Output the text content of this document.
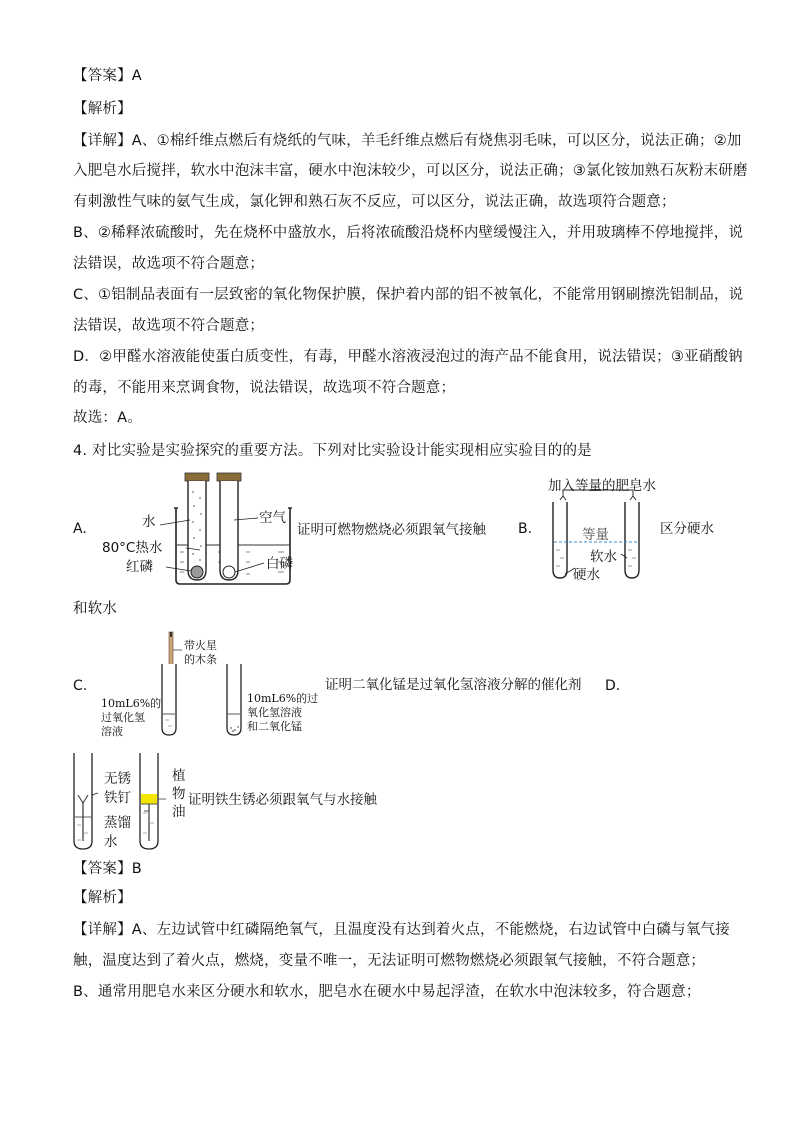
【答案】A
【解析】
【详解】A、①棉纤维点燃后有烧纸的气味，羊毛纤维点燃后有烧焦羽毛味，可以区分，说法正确；②加
入肥皂水后搅拌，软水中泡沫丰富，硬水中泡沫较少，可以区分，说法正确；③氯化铵加熟石灰粉末研磨
有刺激性气味的氨气生成，氯化钾和熟石灰不反应，可以区分，说法正确，故选项符合题意；
B、②稀释浓硫酸时，先在烧杯中盛放水，后将浓硫酸沿烧杯内壁缓慢注入，并用玻璃棒不停地搅拌，说
法错误，故选项不符合题意；
C、①铝制品表面有一层致密的氧化物保护膜，保护着内部的铝不被氧化，不能常用钢刷擦洗铝制品，说
法错误，故选项不符合题意；
D．②甲醛水溶液能使蛋白质变性，有毒，甲醛水溶液浸泡过的海产品不能食用，说法错误；③亚硝酸钠
的毒，不能用来烹调食物，说法错误，故选项不符合题意；
故选：A。
4. 对比实验是实验探究的重要方法。下列对比实验设计能实现相应实验目的的是
A.	水
80°C热水
红磷
空气
白磷
证明可燃物燃烧必须跟氧气接触 B.
加入等量的肥皂水
等量
软水
硬水
区分硬水
和软水
C.
带火星
的木条
10mL6%的
过氧化氢
溶液
10mL6%的过
氧化氢溶液
和二氧化锰
证明二氧化锰是过氧化氢溶液分解的催化剂 D.
无锈
铁钉
蒸馏
水
植
物
油
证明铁生锈必须跟氧气与水接触
【答案】B
【解析】
【详解】A、左边试管中红磷隔绝氧气，且温度没有达到着火点，不能燃烧，右边试管中白磷与氧气接
触，温度达到了着火点，燃烧，变量不唯一，无法证明可燃物燃烧必须跟氧气接触，不符合题意；
B、通常用肥皂水来区分硬水和软水，肥皂水在硬水中易起浮渣，在软水中泡沫较多，符合题意；
